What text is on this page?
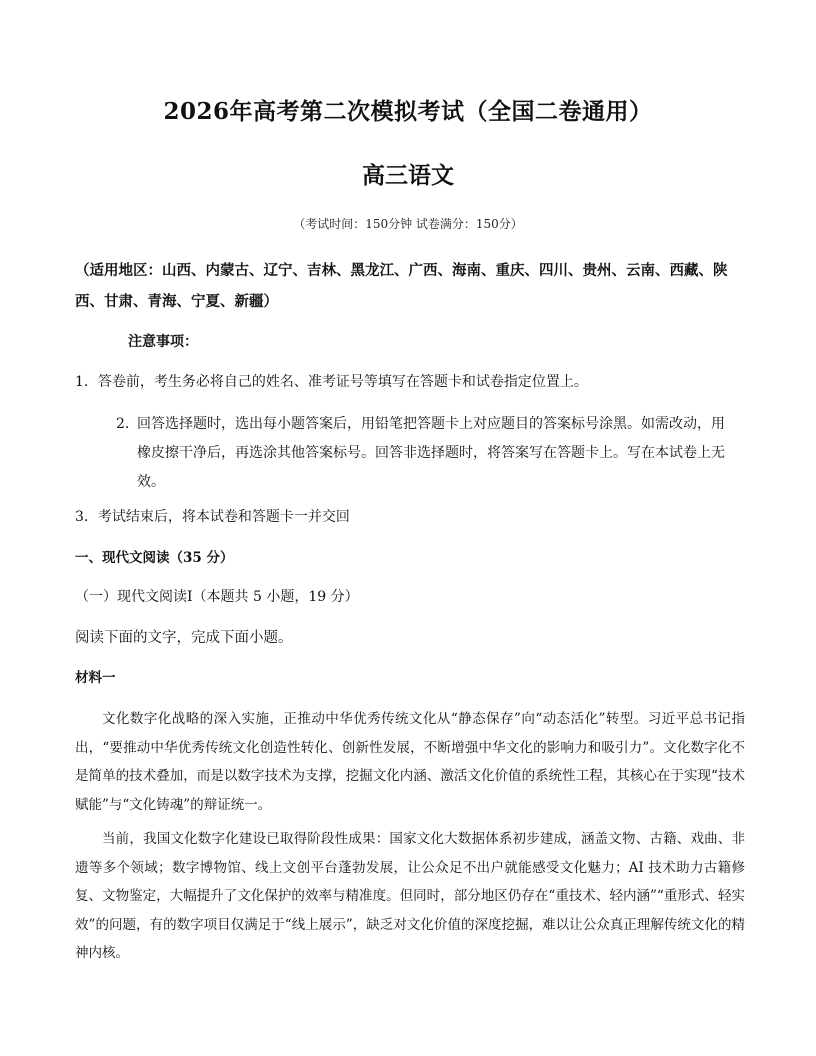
2026年高考第二次模拟考试（全国二卷通用）
高三语文
（考试时间：150分钟 试卷满分：150分）
（适用地区：山西、内蒙古、辽宁、吉林、黑龙江、广西、海南、重庆、四川、贵州、云南、西藏、陕西、甘肃、青海、宁夏、新疆）
注意事项：
1．答卷前，考生务必将自己的姓名、准考证号等填写在答题卡和试卷指定位置上。
2．回答选择题时，选出每小题答案后，用铅笔把答题卡上对应题目的答案标号涂黑。如需改动，用
橡皮擦干净后，再选涂其他答案标号。回答非选择题时，将答案写在答题卡上。写在本试卷上无
效。
3．考试结束后，将本试卷和答题卡一并交回
一、现代文阅读（35 分）
（一）现代文阅读Ⅰ（本题共 5 小题，19 分）
阅读下面的文字，完成下面小题。
材料一
文化数字化战略的深入实施，正推动中华优秀传统文化从“静态保存”向“动态活化”转型。习近平总书记指出，“要推动中华优秀传统文化创造性转化、创新性发展，不断增强中华文化的影响力和吸引力”。文化数字化不是简单的技术叠加，而是以数字技术为支撑，挖掘文化内涵、激活文化价值的系统性工程，其核心在于实现“技术赋能”与“文化铸魂”的辩证统一。
当前，我国文化数字化建设已取得阶段性成果：国家文化大数据体系初步建成，涵盖文物、古籍、戏曲、非遗等多个领域；数字博物馆、线上文创平台蓬勃发展，让公众足不出户就能感受文化魅力；AI 技术助力古籍修复、文物鉴定，大幅提升了文化保护的效率与精准度。但同时，部分地区仍存在“重技术、轻内涵”“重形式、轻实效”的问题，有的数字项目仅满足于“线上展示”，缺乏对文化价值的深度挖掘，难以让公众真正理解传统文化的精神内核。
